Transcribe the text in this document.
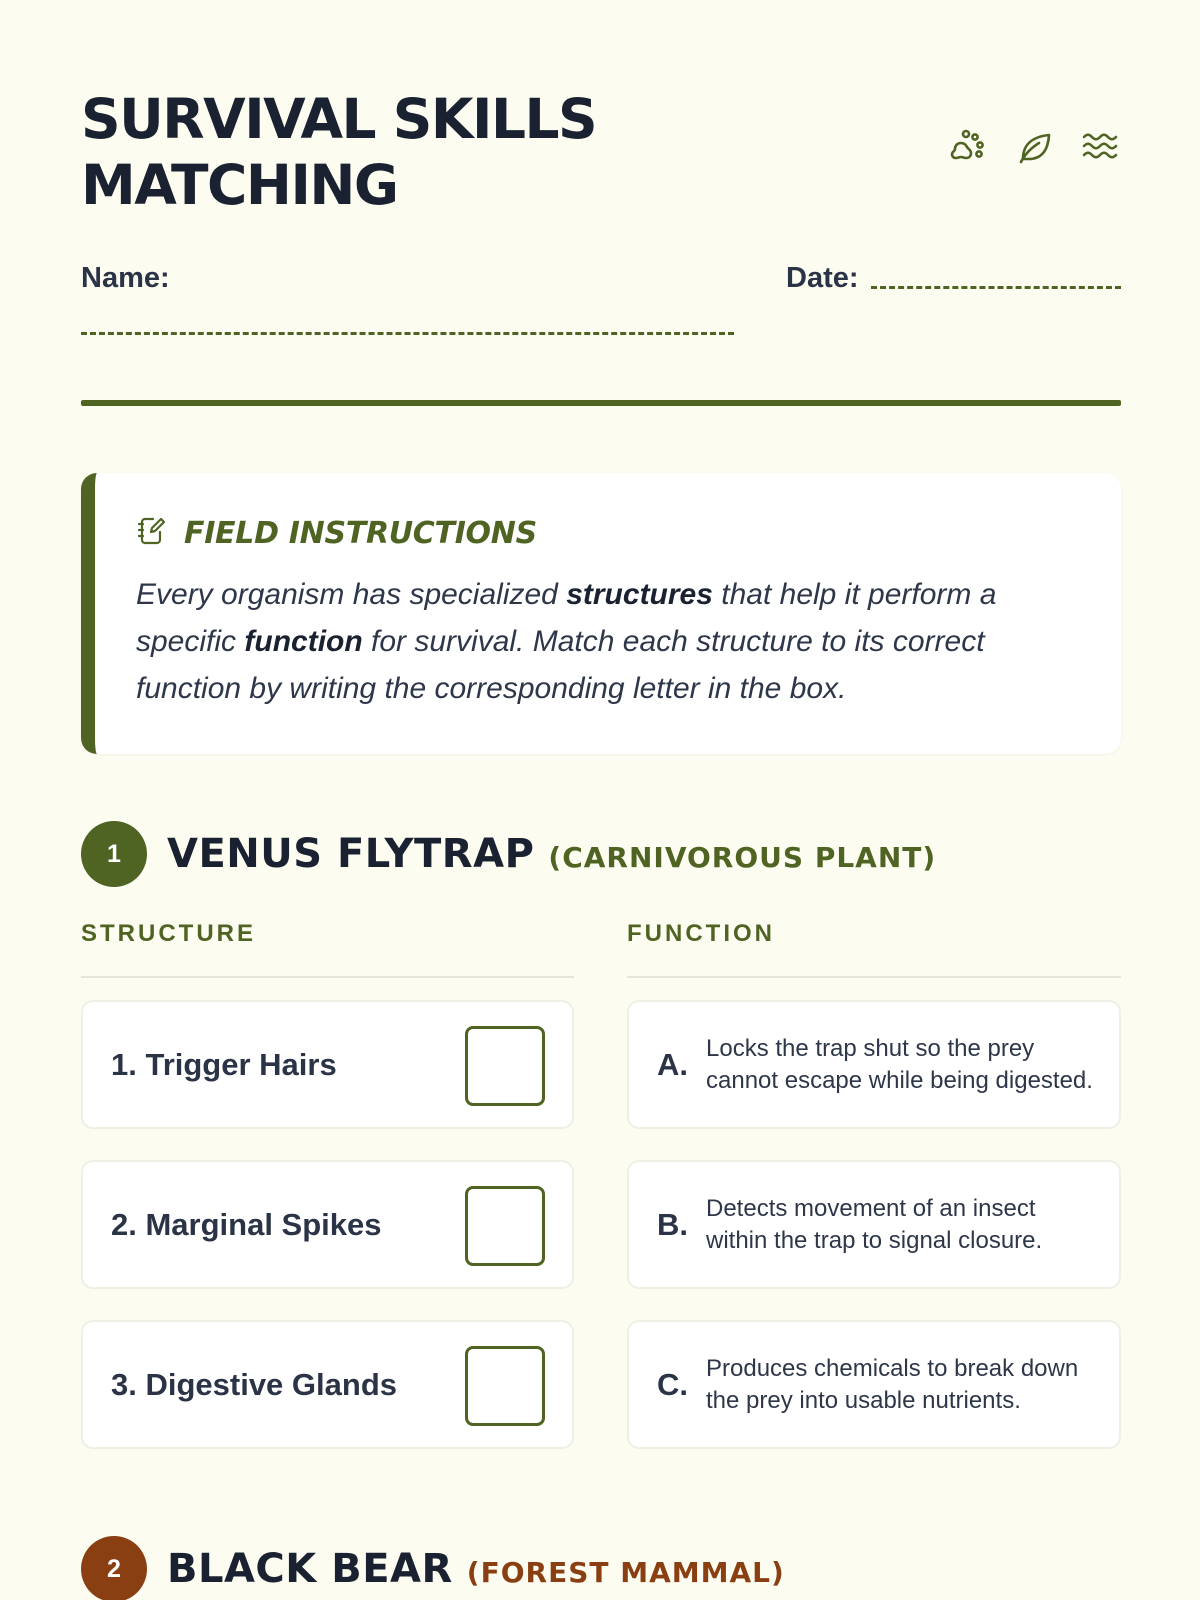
SURVIVAL SKILLS
MATCHING
Name:	Date:
FIELD INSTRUCTIONS

Every organism has specialized structures that help it perform a specific function for survival. Match each structure to its correct function by writing the corresponding letter in the box.

1	VENUS FLYTRAP (CARNIVOROUS PLANT)
STRUCTURE	FUNCTION
1. Trigger Hairs	A. Locks the trap shut so the prey cannot escape while being digested.
2. Marginal Spikes	B. Detects movement of an insect within the trap to signal closure.
3. Digestive Glands	C. Produces chemicals to break down the prey into usable nutrients.
2	BLACK BEAR (FOREST MAMMAL)
